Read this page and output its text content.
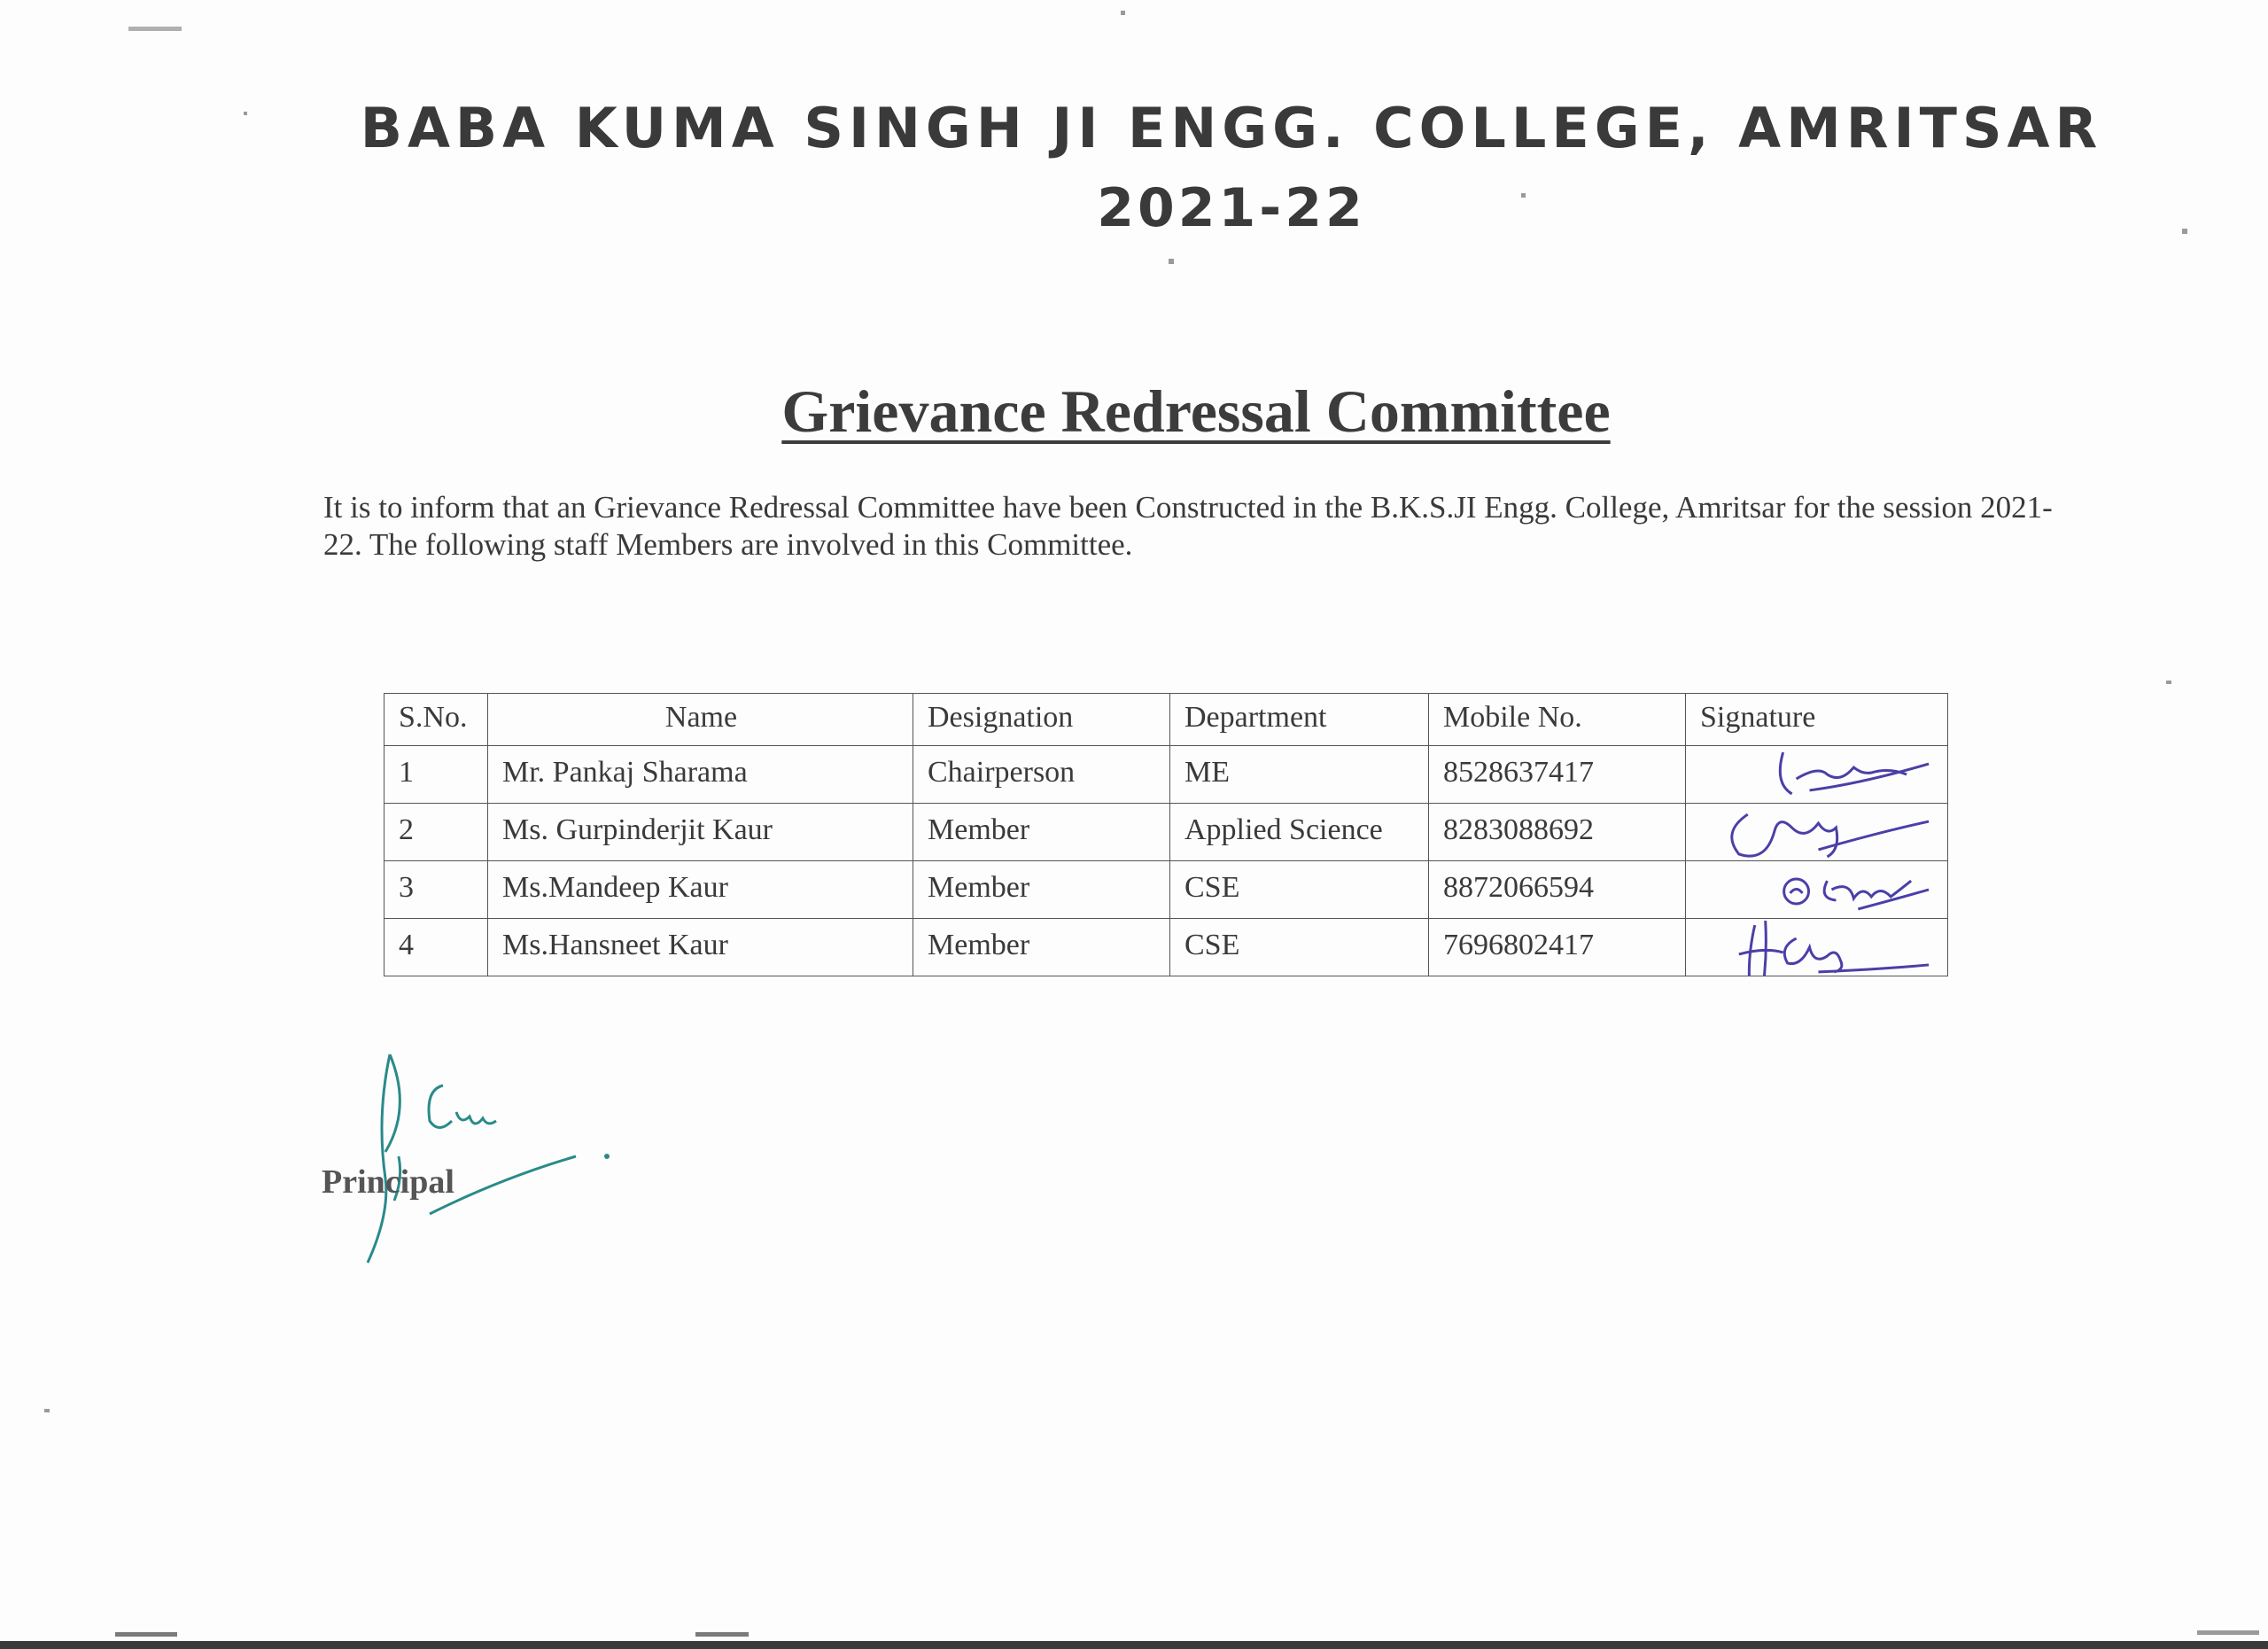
BABA KUMA SINGH JI ENGG. COLLEGE, AMRITSAR
2021-22
Grievance Redressal Committee
It is to inform that an Grievance Redressal Committee have been Constructed in the B.K.S.JI Engg. College, Amritsar for the session 2021-22. The following staff Members are involved in this Committee.
S.No.	Name	Designation	Department	Mobile No.	Signature
1	Mr. Pankaj Sharama	Chairperson	ME	8528637417	

2	Ms. Gurpinderjit Kaur	Member	Applied Science	8283088692	

3	Ms.Mandeep Kaur	Member	CSE	8872066594	

4	Ms.Hansneet Kaur	Member	CSE	7696802417	
Principal
